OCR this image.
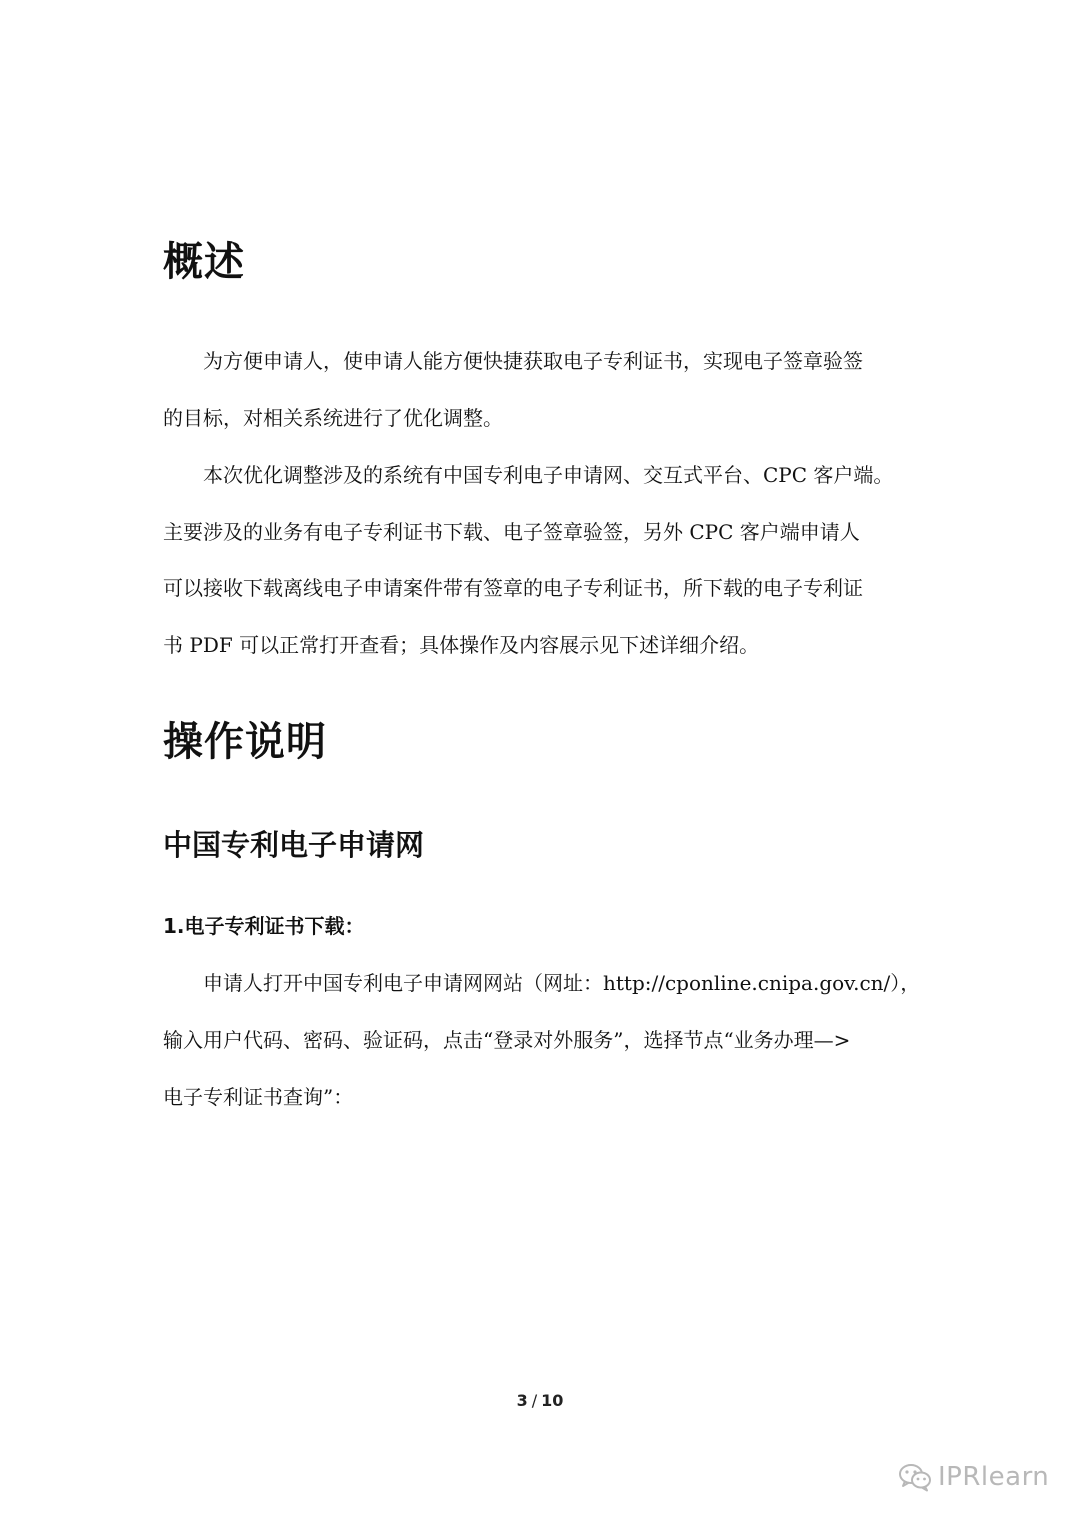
概述

为方便申请人，使申请人能方便快捷获取电子专利证书，实现电子签章验签

的目标，对相关系统进行了优化调整。

本次优化调整涉及的系统有中国专利电子申请网、交互式平台、CPC 客户端。

主要涉及的业务有电子专利证书下载、电子签章验签，另外 CPC 客户端申请人

可以接收下载离线电子申请案件带有签章的电子专利证书，所下载的电子专利证

书 PDF 可以正常打开查看；具体操作及内容展示见下述详细介绍。

操作说明
中国专利电子申请网
1.电子专利证书下载：

申请人打开中国专利电子申请网网站（网址：http://cponline.cnipa.gov.cn/），

输入用户代码、密码、验证码，点击“登录对外服务”，选择节点“业务办理—>

电子专利证书查询”：

3 / 10
IPRlearn
